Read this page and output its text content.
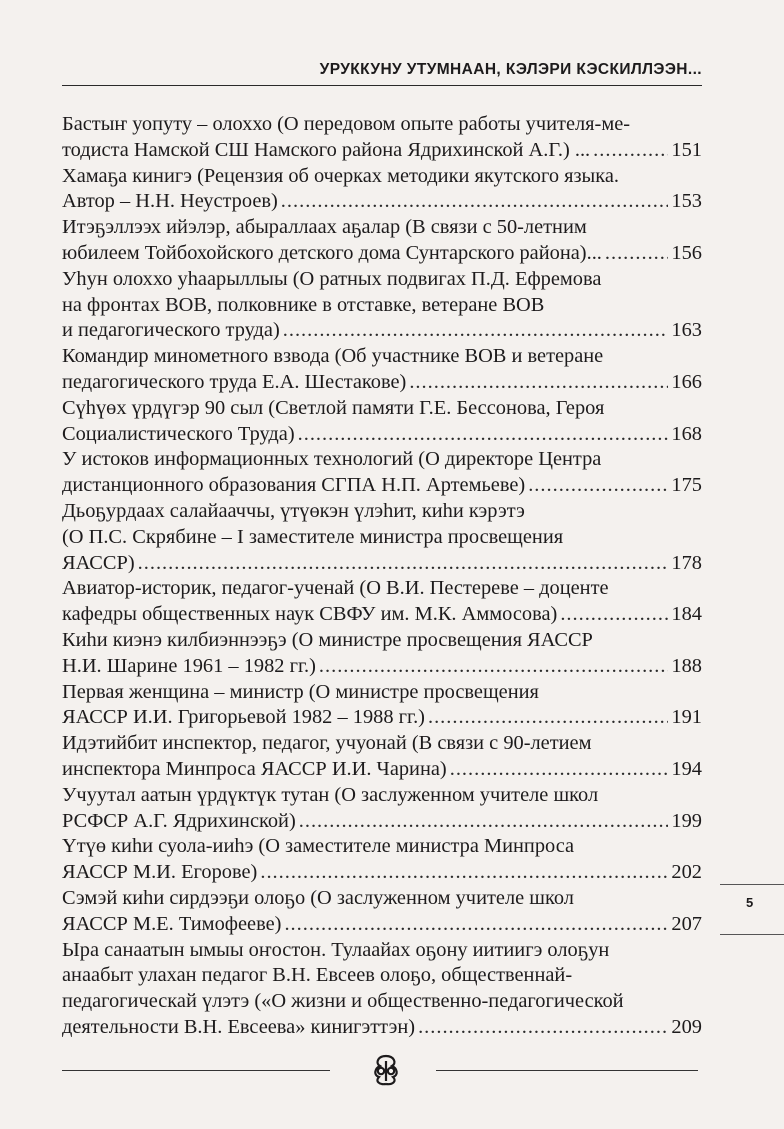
УРУККУНУ УТУМНААН, КЭЛЭРИ КЭСКИЛЛЭЭН...
Бастыҥ уопуту – олоххо (О передовом опыте работы учителя-ме-
тодиста Намской СШ Намского района Ядрихинской А.Г.) ... .....	151
Хамаҕа кинигэ (Рецензия об очерках методики якутского языка.
Автор – Н.Н. Неустроев) .....	153
Итэҕэллээх ийэлэр, абыраллаах аҕалар (В связи с 50-летним
юбилеем Тойбохойского детского дома Сунтарского района)... .....	156
Уһун олоххо уһаарыллыы (О ратных подвигах П.Д. Ефремова
на фронтах ВОВ, полковнике в отставке, ветеране ВОВ
и педагогического труда) .....	163
Командир минометного взвода (Об участнике ВОВ и ветеране
педагогического труда Е.А. Шестакове) .....	166
Сүһүөх үрдүгэр 90 сыл (Светлой памяти Г.Е. Бессонова, Героя
Социалистического Труда) .....	168
У истоков информационных технологий (О директоре Центра
дистанционного образования СГПА Н.П. Артемьеве) .....	175
Дьоҕурдаах салайааччы, үтүөкэн үлэһит, киһи кэрэтэ
(О П.С. Скрябине – I заместителе министра просвещения
ЯАССР) .....	178
Авиатор-историк, педагог-ученай (О В.И. Пестереве – доценте
кафедры общественных наук СВФУ им. М.К. Аммосова) .....	184
Киһи киэнэ килбиэннээҕэ (О министре просвещения ЯАССР
Н.И. Шарине 1961 – 1982 гг.) .....	188
Первая женщина – министр (О министре просвещения
ЯАССР И.И. Григорьевой 1982 – 1988 гг.) .....	191
Идэтийбит инспектор, педагог, учуонай (В связи с 90-летием
инспектора Минпроса ЯАССР И.И. Чарина) .....	194
Учуутал аатын үрдүктүк тутан (О заслуженном учителе школ
РСФСР А.Г. Ядрихинской) .....	199
Үтүө киһи суола-ииһэ (О заместителе министра Минпроса
ЯАССР М.И. Егорове) .....	202
Сэмэй киһи сирдээҕи олоҕо (О заслуженном учителе школ
ЯАССР М.Е. Тимофееве) .....	207
Ыра санаатын ымыы оҥостон. Тулаайах оҕону иитиигэ олоҕун
анаабыт улахан педагог В.Н. Евсеев олоҕо, общественнай-
педагогическай үлэтэ («О жизни и общественно-педагогической
деятельности В.Н. Евсеева» кинигэттэн) .....	209
5
